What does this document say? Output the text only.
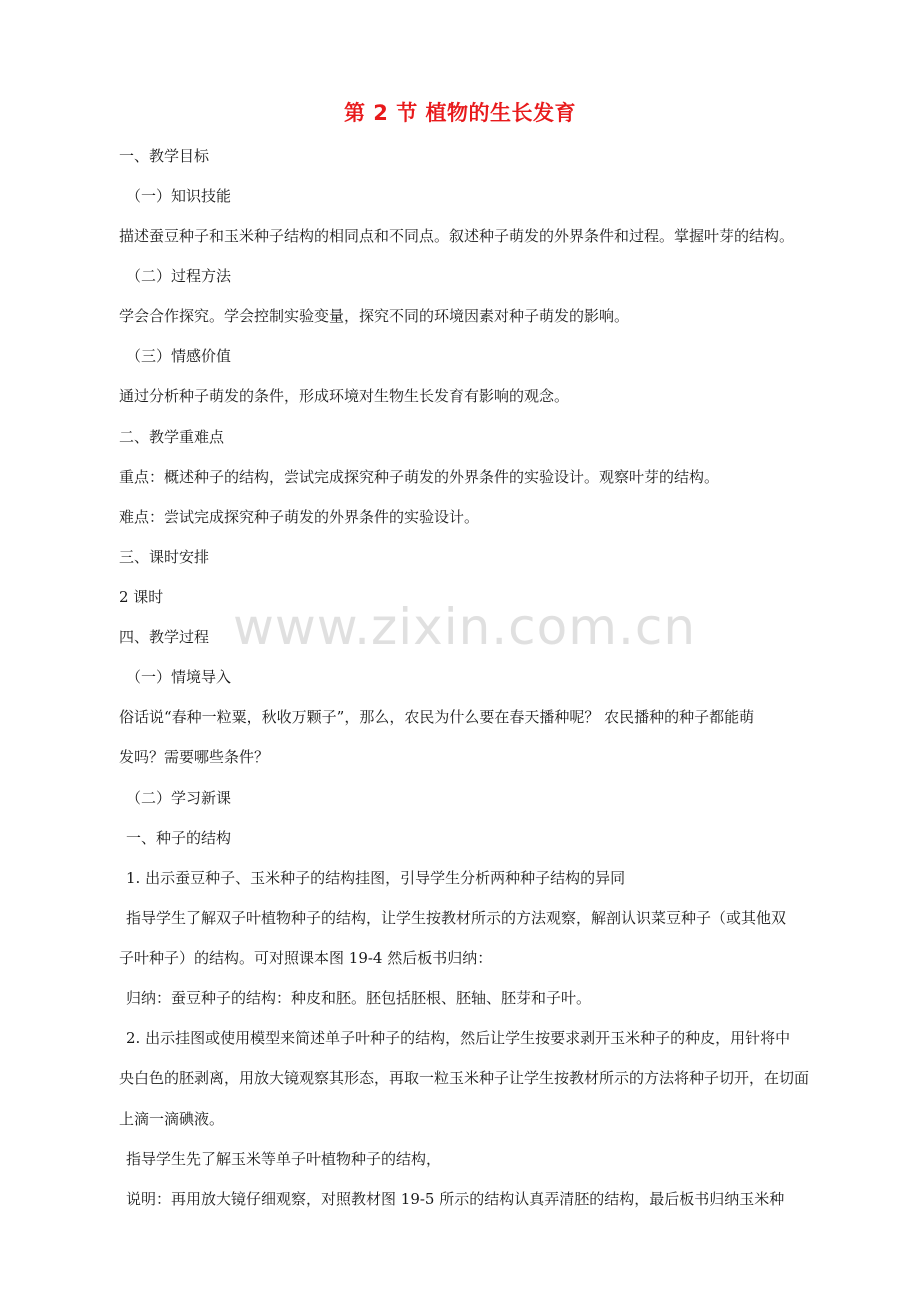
第 2 节 植物的生长发育
www.zixin.com.cn
一、教学目标
（一）知识技能
描述蚕豆种子和玉米种子结构的相同点和不同点。叙述种子萌发的外界条件和过程。掌握叶芽的结构。
（二）过程方法
学会合作探究。学会控制实验变量，探究不同的环境因素对种子萌发的影响。
（三）情感价值
通过分析种子萌发的条件，形成环境对生物生长发育有影响的观念。
二、教学重难点
重点：概述种子的结构，尝试完成探究种子萌发的外界条件的实验设计。观察叶芽的结构。
难点：尝试完成探究种子萌发的外界条件的实验设计。
三、课时安排
2 课时
四、教学过程
（一）情境导入
俗话说“春种一粒粟，秋收万颗子”，那么，农民为什么要在春天播种呢？ 农民播种的种子都能萌
发吗？需要哪些条件？
（二）学习新课
一、种子的结构
1. 出示蚕豆种子、玉米种子的结构挂图，引导学生分析两种种子结构的异同
指导学生了解双子叶植物种子的结构，让学生按教材所示的方法观察，解剖认识菜豆种子（或其他双
子叶种子）的结构。可对照课本图 19-4 然后板书归纳：
归纳：蚕豆种子的结构：种皮和胚。胚包括胚根、胚轴、胚芽和子叶。
2. 出示挂图或使用模型来简述单子叶种子的结构，然后让学生按要求剥开玉米种子的种皮，用针将中
央白色的胚剥离，用放大镜观察其形态，再取一粒玉米种子让学生按教材所示的方法将种子切开，在切面
上滴一滴碘液。
指导学生先了解玉米等单子叶植物种子的结构，
说明：再用放大镜仔细观察，对照教材图 19-5 所示的结构认真弄清胚的结构，最后板书归纳玉米种
